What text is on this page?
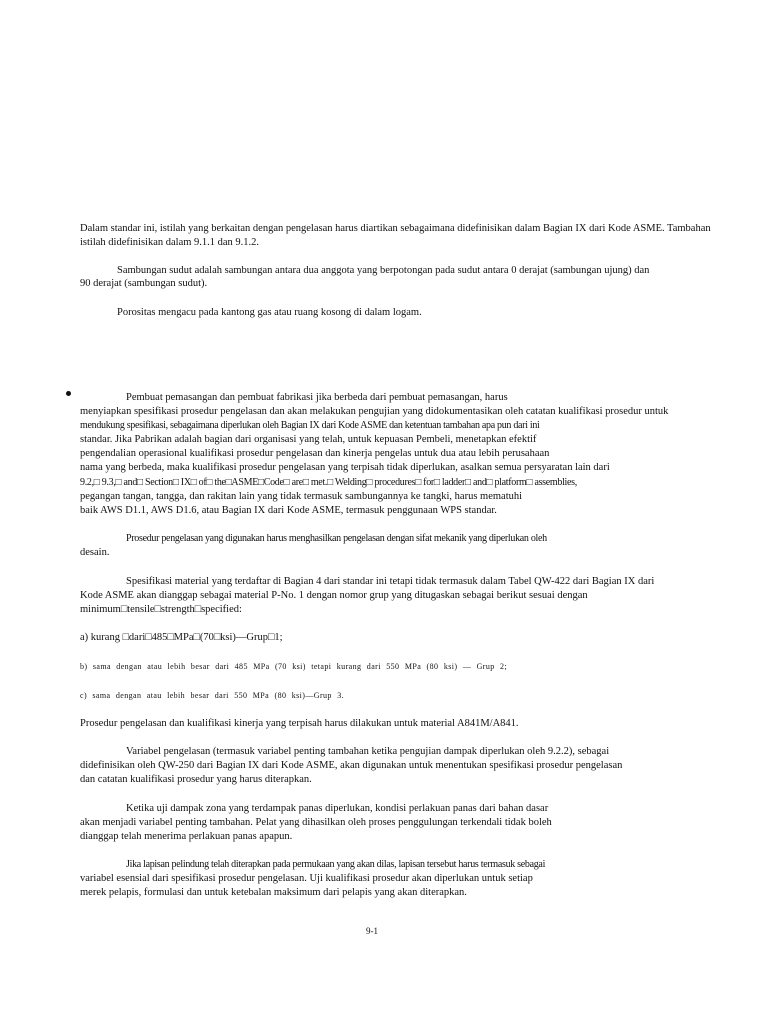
Dalam standar ini, istilah yang berkaitan dengan pengelasan harus diartikan sebagaimana didefinisikan dalam Bagian IX dari Kode ASME. Tambahan
istilah didefinisikan dalam 9.1.1 dan 9.1.2.
Sambungan sudut adalah sambungan antara dua anggota yang berpotongan pada sudut antara 0 derajat (sambungan ujung) dan
90 derajat (sambungan sudut).
Porositas mengacu pada kantong gas atau ruang kosong di dalam logam.
Pembuat pemasangan dan pembuat fabrikasi jika berbeda dari pembuat pemasangan, harus
menyiapkan spesifikasi prosedur pengelasan dan akan melakukan pengujian yang didokumentasikan oleh catatan kualifikasi prosedur untuk
mendukung spesifikasi, sebagaimana diperlukan oleh Bagian IX dari Kode ASME dan ketentuan tambahan apa pun dari ini
standar. Jika Pabrikan adalah bagian dari organisasi yang telah, untuk kepuasan Pembeli, menetapkan efektif
pengendalian operasional kualifikasi prosedur pengelasan dan kinerja pengelas untuk dua atau lebih perusahaan
nama yang berbeda, maka kualifikasi prosedur pengelasan yang terpisah tidak diperlukan, asalkan semua persyaratan lain dari
9.2,□ 9.3,□ and□ Section□ IX□ of□ the□ASME□Code□ are□ met.□ Welding□ procedures□ for□ ladder□ and□ platform□ assemblies,
pegangan tangan, tangga, dan rakitan lain yang tidak termasuk sambungannya ke tangki, harus mematuhi
baik AWS D1.1, AWS D1.6, atau Bagian IX dari Kode ASME, termasuk penggunaan WPS standar.
Prosedur pengelasan yang digunakan harus menghasilkan pengelasan dengan sifat mekanik yang diperlukan oleh
desain.
Spesifikasi material yang terdaftar di Bagian 4 dari standar ini tetapi tidak termasuk dalam Tabel QW-422 dari Bagian IX dari
Kode ASME akan dianggap sebagai material P-No. 1 dengan nomor grup yang ditugaskan sebagai berikut sesuai dengan
minimum□tensile□strength□specified:
a) kurang □dari□485□MPa□(70□ksi)—Grup□1;
b) sama dengan atau lebih besar dari 485 MPa (70 ksi) tetapi kurang dari 550 MPa (80 ksi) — Grup 2;
c) sama dengan atau lebih besar dari 550 MPa (80 ksi)—Grup 3.
Prosedur pengelasan dan kualifikasi kinerja yang terpisah harus dilakukan untuk material A841M/A841.
Variabel pengelasan (termasuk variabel penting tambahan ketika pengujian dampak diperlukan oleh 9.2.2), sebagai
didefinisikan oleh QW-250 dari Bagian IX dari Kode ASME, akan digunakan untuk menentukan spesifikasi prosedur pengelasan
dan catatan kualifikasi prosedur yang harus diterapkan.
Ketika uji dampak zona yang terdampak panas diperlukan, kondisi perlakuan panas dari bahan dasar
akan menjadi variabel penting tambahan. Pelat yang dihasilkan oleh proses penggulungan terkendali tidak boleh
dianggap telah menerima perlakuan panas apapun.
Jika lapisan pelindung telah diterapkan pada permukaan yang akan dilas, lapisan tersebut harus termasuk sebagai
variabel esensial dari spesifikasi prosedur pengelasan. Uji kualifikasi prosedur akan diperlukan untuk setiap
merek pelapis, formulasi dan untuk ketebalan maksimum dari pelapis yang akan diterapkan.
9-1
